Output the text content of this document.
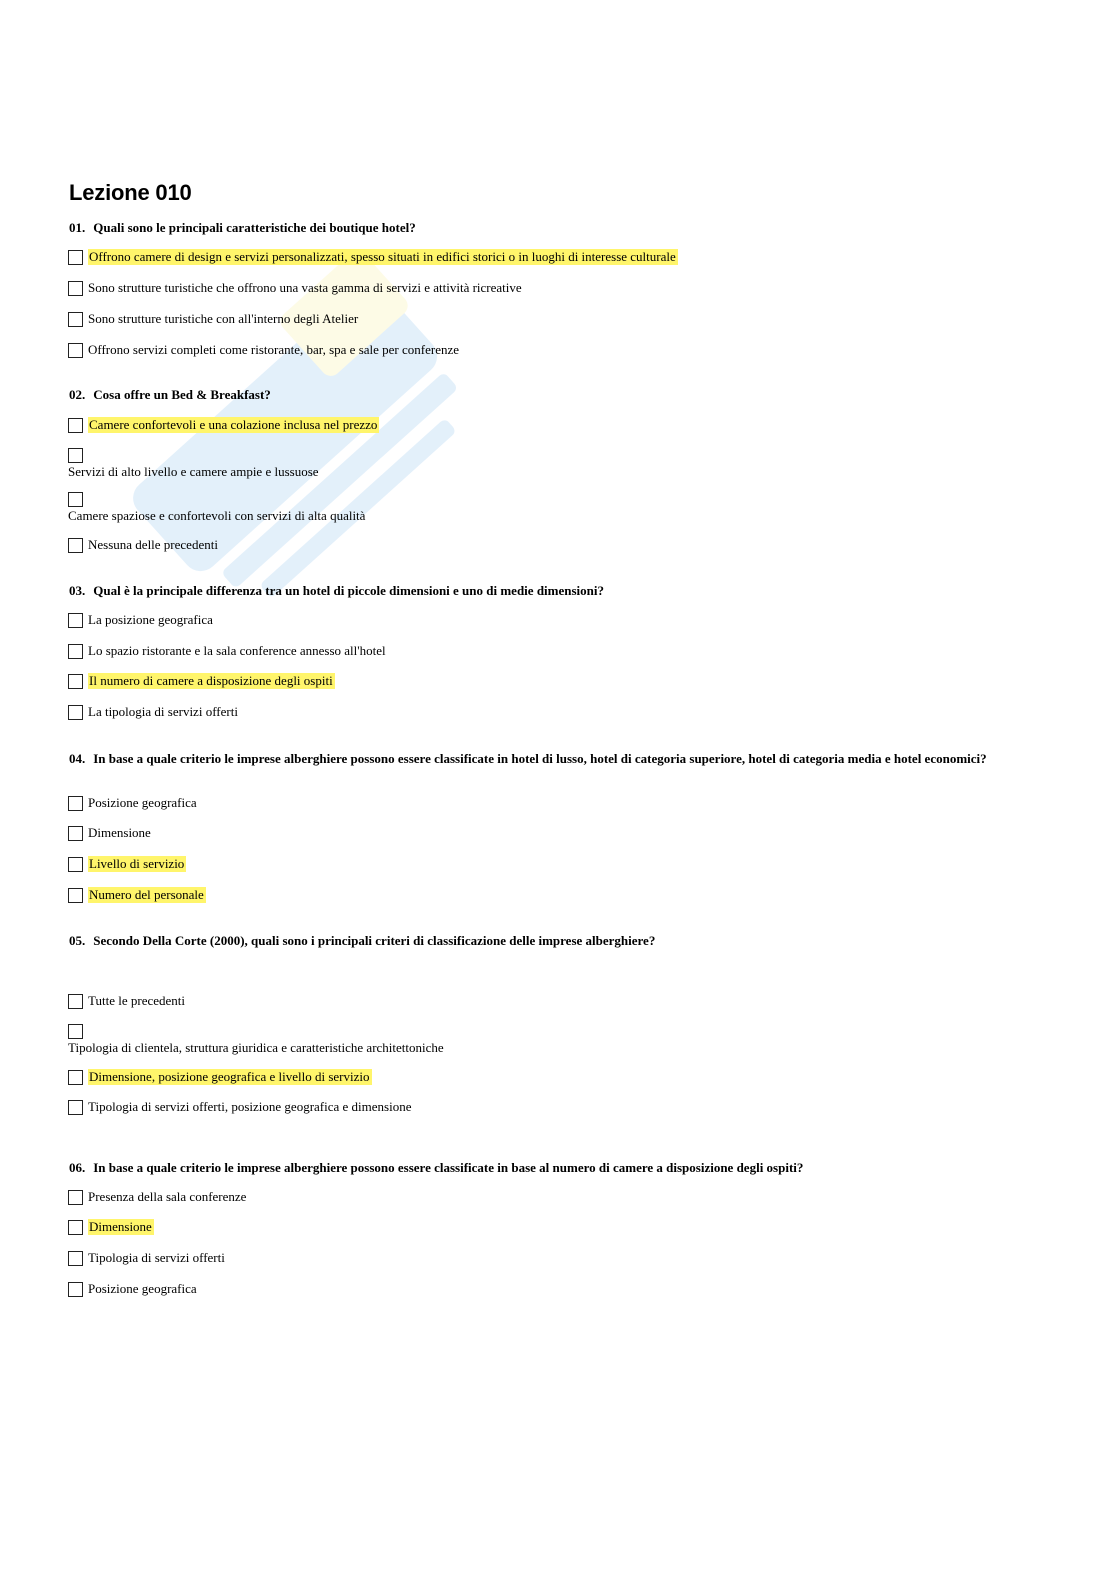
Lezione 010
01. Quali sono le principali caratteristiche dei boutique hotel?
Offrono camere di design e servizi personalizzati, spesso situati in edifici storici o in luoghi di interesse culturale
Sono strutture turistiche che offrono una vasta gamma di servizi e attività ricreative
Sono strutture turistiche con all'interno degli Atelier
Offrono servizi completi come ristorante, bar, spa e sale per conferenze
02. Cosa offre un Bed & Breakfast?
Camere confortevoli e una colazione inclusa nel prezzo
Servizi di alto livello e camere ampie e lussuose
Camere spaziose e confortevoli con servizi di alta qualità
Nessuna delle precedenti
03. Qual è la principale differenza tra un hotel di piccole dimensioni e uno di medie dimensioni?
La posizione geografica
Lo spazio ristorante e la sala conference annesso all'hotel
Il numero di camere a disposizione degli ospiti
La tipologia di servizi offerti
04. In base a quale criterio le imprese alberghiere possono essere classificate in hotel di lusso, hotel di categoria superiore, hotel di categoria media e hotel economici?
Posizione geografica
Dimensione
Livello di servizio
Numero del personale
05. Secondo Della Corte (2000), quali sono i principali criteri di classificazione delle imprese alberghiere?
Tutte le precedenti
Tipologia di clientela, struttura giuridica e caratteristiche architettoniche
Dimensione, posizione geografica e livello di servizio
Tipologia di servizi offerti, posizione geografica e dimensione
06. In base a quale criterio le imprese alberghiere possono essere classificate in base al numero di camere a disposizione degli ospiti?
Presenza della sala conferenze
Dimensione
Tipologia di servizi offerti
Posizione geografica
